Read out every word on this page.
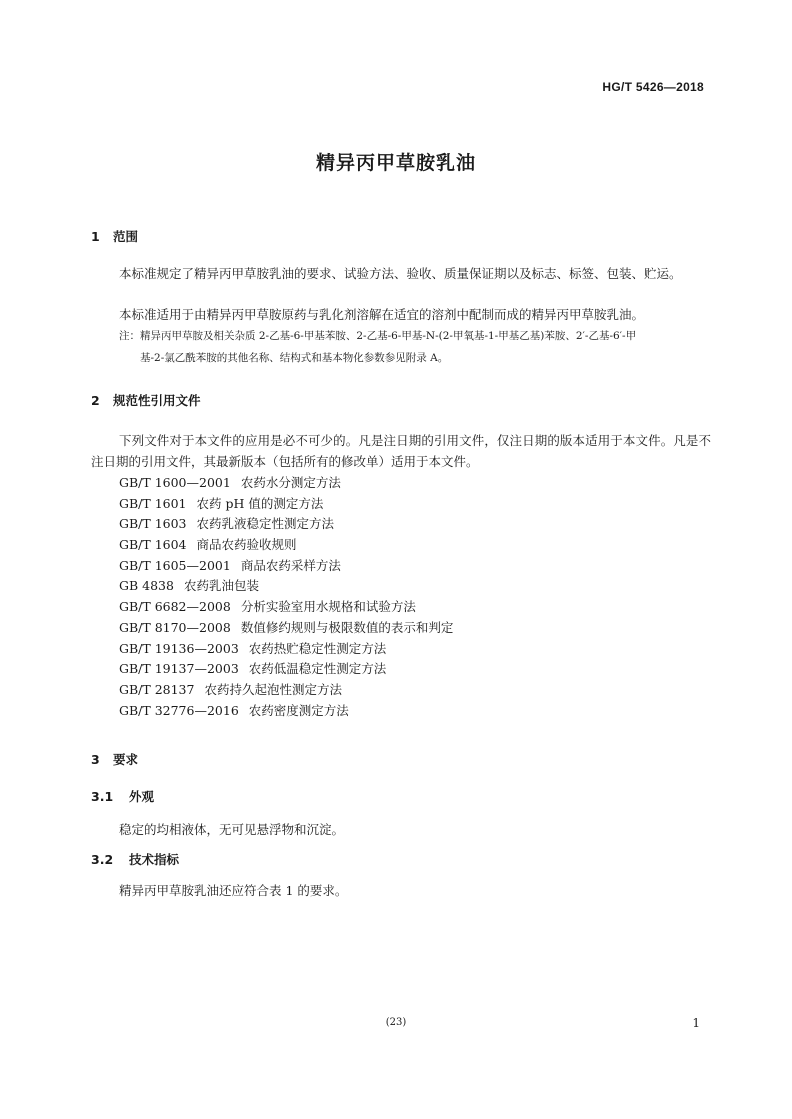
HG/T 5426—2018
精异丙甲草胺乳油
1 范围
本标准规定了精异丙甲草胺乳油的要求、试验方法、验收、质量保证期以及标志、标签、包装、贮运。
本标准适用于由精异丙甲草胺原药与乳化剂溶解在适宜的溶剂中配制而成的精异丙甲草胺乳油。
注：精异丙甲草胺及相关杂质 2-乙基-6-甲基苯胺、2-乙基-6-甲基-N-(2-甲氧基-1-甲基乙基)苯胺、2′-乙基-6′-甲
基-2-氯乙酰苯胺的其他名称、结构式和基本物化参数参见附录 A。
2 规范性引用文件
下列文件对于本文件的应用是必不可少的。凡是注日期的引用文件，仅注日期的版本适用于本文件。凡是不注日期的引用文件，其最新版本（包括所有的修改单）适用于本文件。
GB/T 1600—2001 农药水分测定方法
GB/T 1601 农药 pH 值的测定方法
GB/T 1603 农药乳液稳定性测定方法
GB/T 1604 商品农药验收规则
GB/T 1605—2001 商品农药采样方法
GB 4838 农药乳油包装
GB/T 6682—2008 分析实验室用水规格和试验方法
GB/T 8170—2008 数值修约规则与极限数值的表示和判定
GB/T 19136—2003 农药热贮稳定性测定方法
GB/T 19137—2003 农药低温稳定性测定方法
GB/T 28137 农药持久起泡性测定方法
GB/T 32776—2016 农药密度测定方法
3 要求
3.1 外观
稳定的均相液体，无可见悬浮物和沉淀。
3.2 技术指标
精异丙甲草胺乳油还应符合表 1 的要求。
(23)	1
